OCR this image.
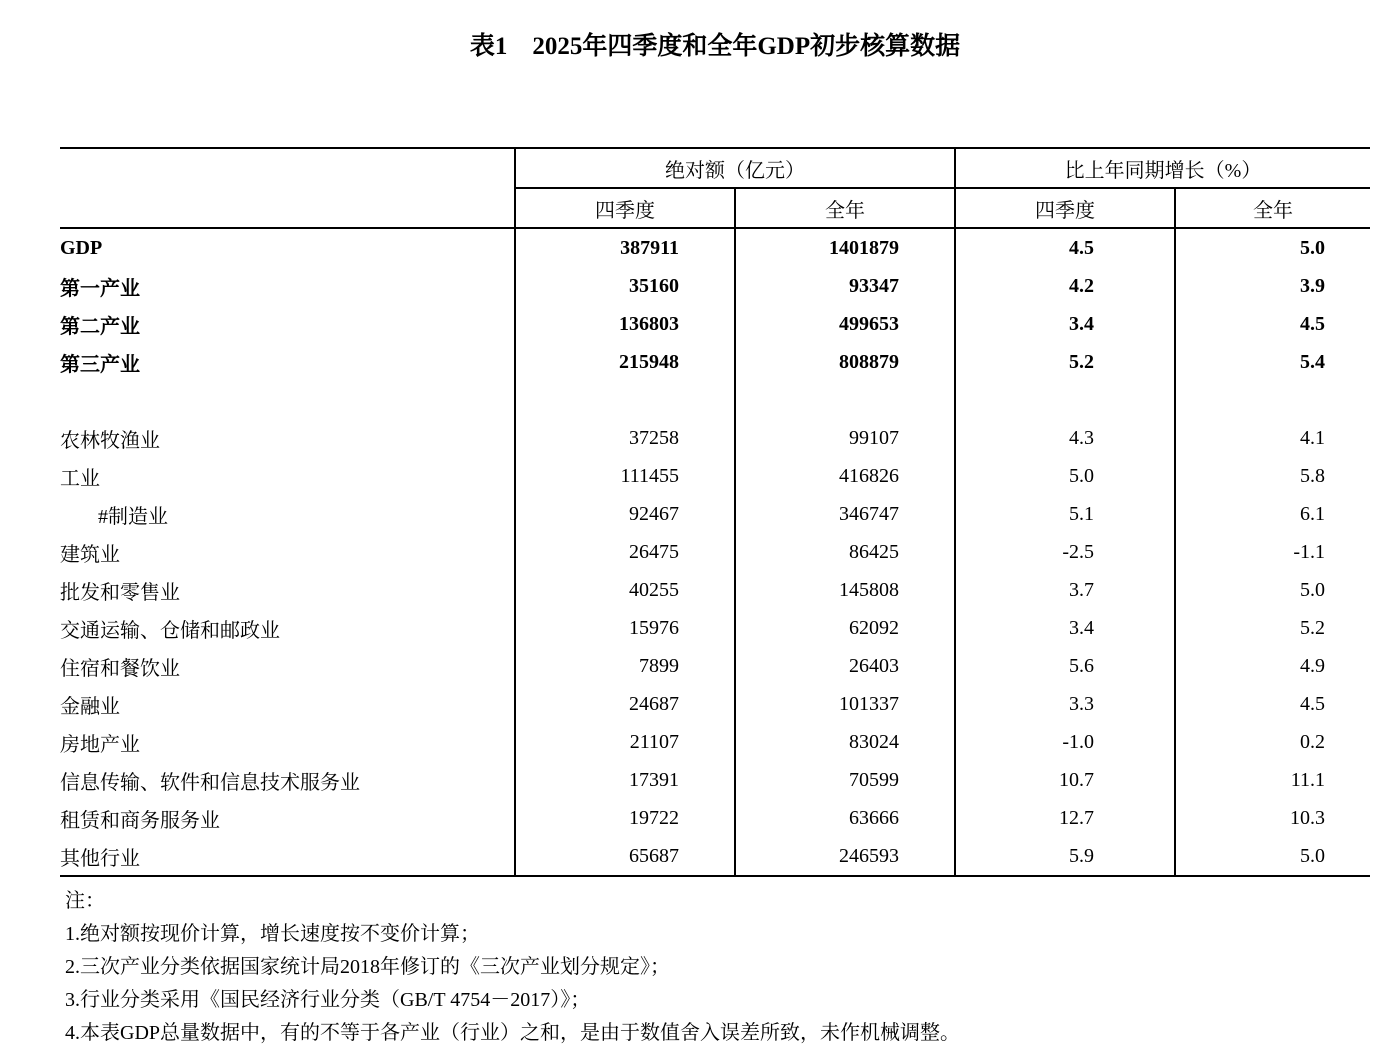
表1　2025年四季度和全年GDP初步核算数据
	绝对额（亿元）		比上年同期增长（%）	
	四季度	全年	四季度	全年
GDP	387911	1401879	4.5	5.0
第一产业	35160	93347	4.2	3.9
第二产业	136803	499653	3.4	4.5
第三产业	215948	808879	5.2	5.4

农林牧渔业	37258	99107	4.3	4.1
工业	111455	416826	5.0	5.8
#制造业	92467	346747	5.1	6.1
建筑业	26475	86425	-2.5	-1.1
批发和零售业	40255	145808	3.7	5.0
交通运输、仓储和邮政业	15976	62092	3.4	5.2
住宿和餐饮业	7899	26403	5.6	4.9
金融业	24687	101337	3.3	4.5
房地产业	21107	83024	-1.0	0.2
信息传输、软件和信息技术服务业	17391	70599	10.7	11.1
租赁和商务服务业	19722	63666	12.7	10.3
其他行业	65687	246593	5.9	5.0
注：
1.绝对额按现价计算，增长速度按不变价计算；
2.三次产业分类依据国家统计局2018年修订的《三次产业划分规定》；
3.行业分类采用《国民经济行业分类（GB/T 4754－2017）》；
4.本表GDP总量数据中，有的不等于各产业（行业）之和，是由于数值舍入误差所致，未作机械调整。
